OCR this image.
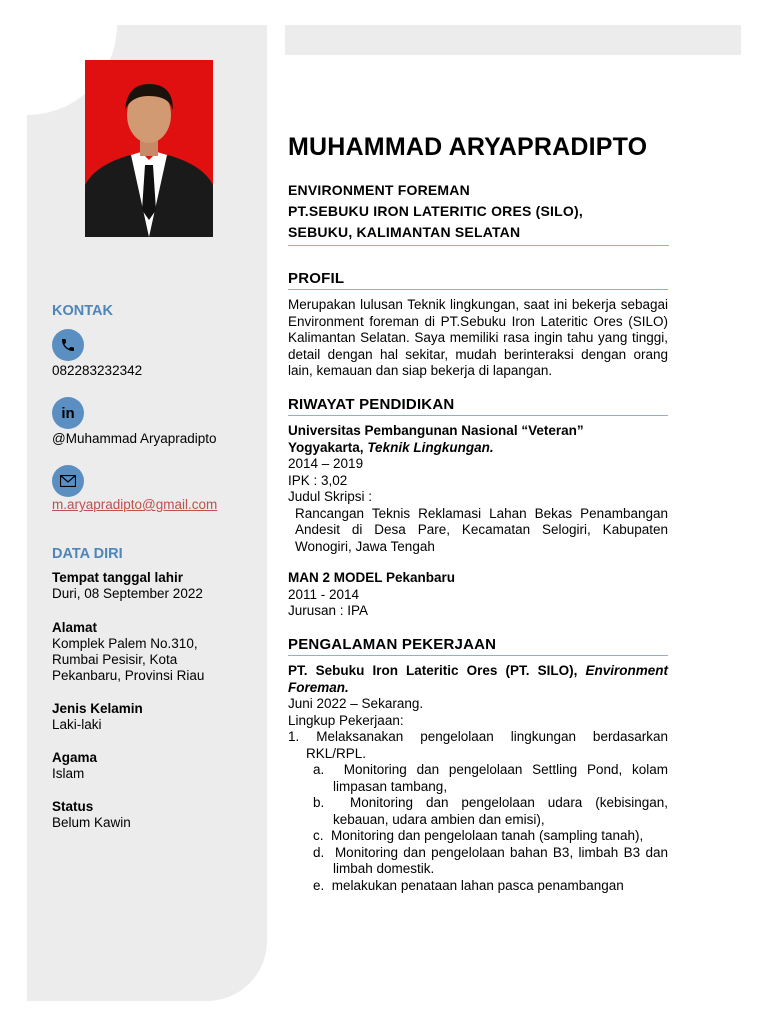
KONTAK
082283232342
in
@Muhammad Aryapradipto
m.aryapradipto@gmail.com
DATA DIRI
Tempat tanggal lahir
Duri, 08 September 2022
Alamat
Komplek Palem No.310,
Rumbai Pesisir, Kota
Pekanbaru, Provinsi Riau
Jenis Kelamin
Laki-laki
Agama
Islam
Status
Belum Kawin
MUHAMMAD ARYAPRADIPTO
ENVIRONMENT FOREMAN
PT.SEBUKU IRON LATERITIC ORES (SILO),
SEBUKU, KALIMANTAN SELATAN
PROFIL
Merupakan lulusan Teknik lingkungan, saat ini bekerja sebagai Environment foreman di PT.Sebuku Iron Lateritic Ores (SILO) Kalimantan Selatan. Saya memiliki rasa ingin tahu yang tinggi, detail dengan hal sekitar, mudah berinteraksi dengan orang lain, kemauan dan siap bekerja di lapangan.
RIWAYAT PENDIDIKAN
Universitas Pembangunan Nasional “Veteran”
Yogyakarta, Teknik Lingkungan.
2014 – 2019
IPK : 3,02
Judul Skripsi :
Rancangan Teknis Reklamasi Lahan Bekas Penambangan Andesit di Desa Pare, Kecamatan Selogiri, Kabupaten Wonogiri, Jawa Tengah
MAN 2 MODEL Pekanbaru
2011 - 2014
Jurusan : IPA
PENGALAMAN PEKERJAAN
PT. Sebuku Iron Lateritic Ores (PT. SILO), Environment Foreman.
Juni 2022 – Sekarang.
Lingkup Pekerjaan:
1. Melaksanakan pengelolaan lingkungan berdasarkan RKL/RPL.
a. Monitoring dan pengelolaan Settling Pond, kolam limpasan tambang,
b. Monitoring dan pengelolaan udara (kebisingan, kebauan, udara ambien dan emisi),
c. Monitoring dan pengelolaan tanah (sampling tanah),
d. Monitoring dan pengelolaan bahan B3, limbah B3 dan limbah domestik.
e. melakukan penataan lahan pasca penambangan
